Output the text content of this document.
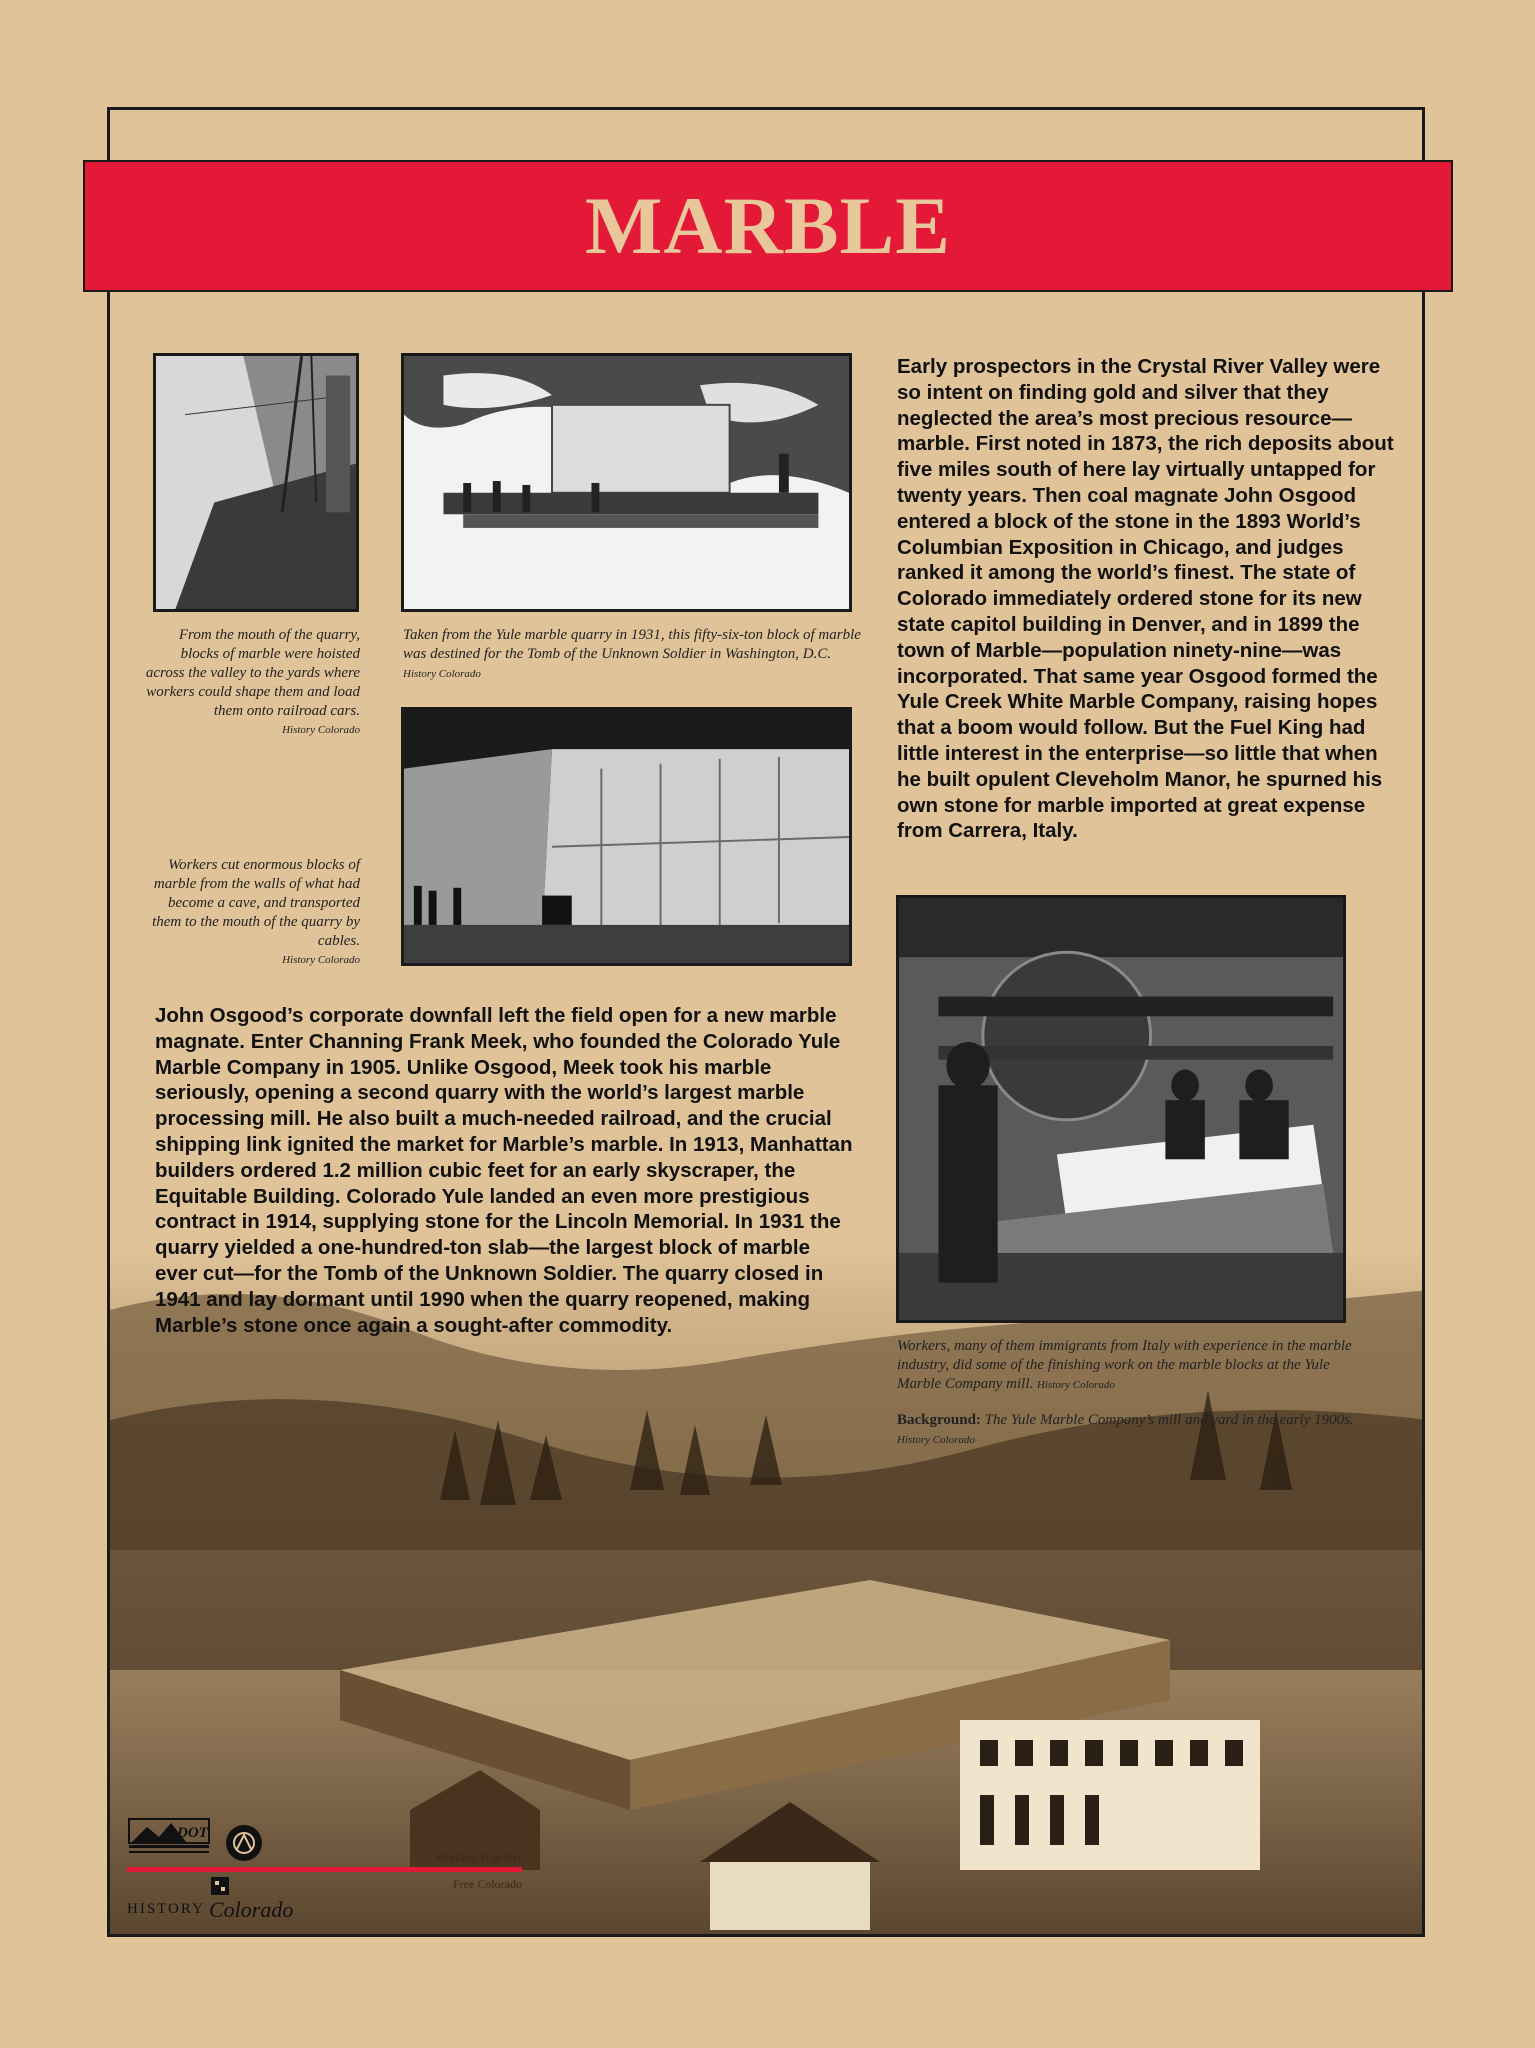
MARBLE
From the mouth of the quarry, blocks of marble were hoisted across the valley to the yards where workers could shape them and load them onto railroad cars.
History Colorado
Taken from the Yule marble quarry in 1931, this fifty-six-ton block of marble was destined for the Tomb of the Unknown Soldier in Washington, D.C. History Colorado
Workers cut enormous blocks of marble from the walls of what had become a cave, and transported them to the mouth of the quarry by cables.
History Colorado
Workers, many of them immigrants from Italy with experience in the marble industry, did some of the finishing work on the marble blocks at the Yule Marble Company mill. History Colorado
Background: The Yule Marble Company’s mill and yard in the early 1900s. History Colorado
Early prospectors in the Crystal River Valley were so intent on finding gold and silver that they neglected the area’s most precious resource—marble. First noted in 1873, the rich deposits about five miles south of here lay virtually untapped for twenty years. Then coal magnate John Osgood entered a block of the stone in the 1893 World’s Columbian Exposition in Chicago, and judges ranked it among the world’s finest. The state of Colorado immediately ordered stone for its new state capitol building in Denver, and in 1899 the town of Marble—population ninety-nine—was incorporated. That same year Osgood formed the Yule Creek White Marble Company, raising hopes that a boom would follow. But the Fuel King had little interest in the enterprise—so little that when he built opulent Cleveholm Manor, he spurned his own stone for marble imported at great expense from Carrera, Italy.
John Osgood’s corporate downfall left the field open for a new marble magnate. Enter Channing Frank Meek, who founded the Colorado Yule Marble Company in 1905. Unlike Osgood, Meek took his marble seriously, opening a second quarry with the world’s largest marble processing mill. He also built a much-needed railroad, and the crucial shipping link ignited the market for Marble’s marble. In 1913, Manhattan builders ordered 1.2 million cubic feet for an early skyscraper, the Equitable Building. Colorado Yule landed an even more prestigious contract in 1914, supplying stone for the Lincoln Memorial. In 1931 the quarry yielded a one-hundred-ton slab—the largest block of marble ever cut—for the Tomb of the Unknown Soldier. The quarry closed in 1941 and lay dormant until 1990 when the quarry reopened, making Marble’s stone once again a sought-after commodity.
DOT
Working Together
Free Colorado
HISTORY Colorado
